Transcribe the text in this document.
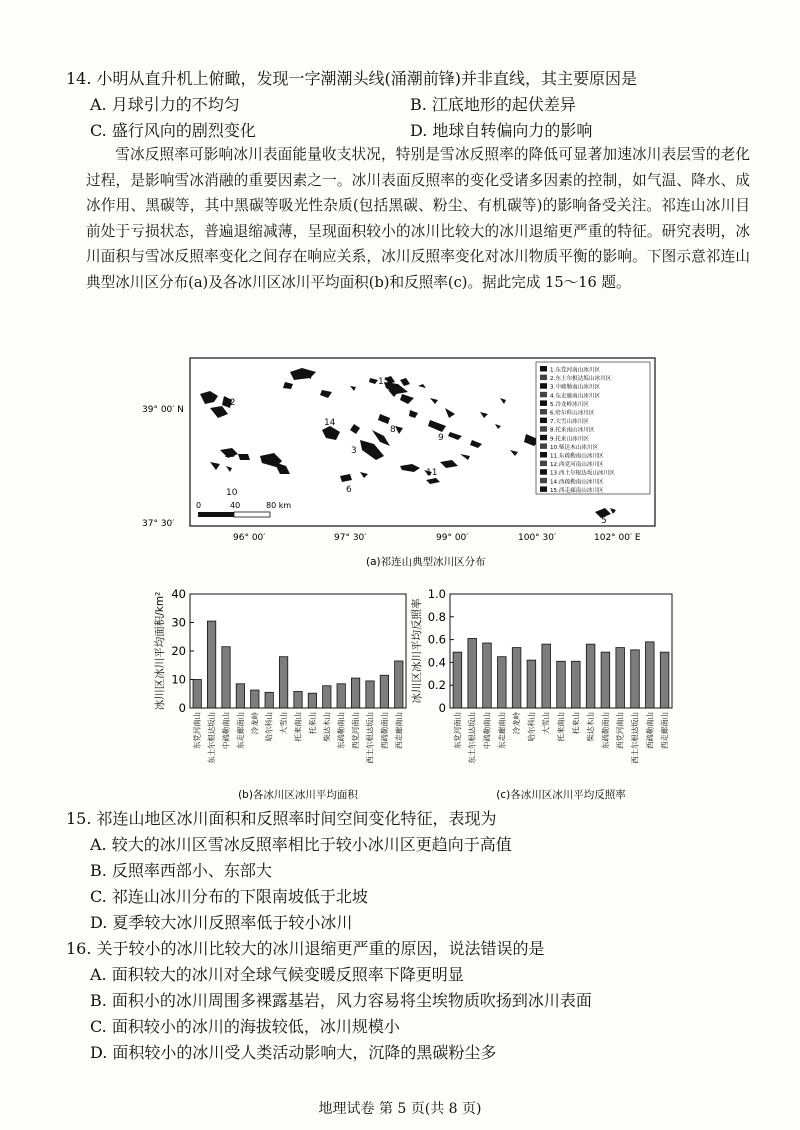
14. 小明从直升机上俯瞰，发现一字潮潮头线(涌潮前锋)并非直线，其主要原因是
A. 月球引力的不均匀	B. 江底地形的起伏差异
C. 盛行风向的剧烈变化	D. 地球自转偏向力的影响

雪冰反照率可影响冰川表面能量收支状况，特别是雪冰反照率的降低可显著加速冰川表层雪的老化过程，是影响雪冰消融的重要因素之一。冰川表面反照率的变化受诸多因素的控制，如气温、降水、成冰作用、黑碳等，其中黑碳等吸光性杂质(包括黑碳、粉尘、有机碳等)的影响备受关注。祁连山冰川目前处于亏损状态，普遍退缩减薄，呈现面积较小的冰川比较大的冰川退缩更严重的特征。研究表明，冰川面积与雪冰反照率变化之间存在响应关系，冰川反照率变化对冰川物质平衡的影响。下图示意祁连山典型冰川区分布(a)及各冰川区冰川平均面积(b)和反照率(c)。据此完成 15～16 题。

12
7	15
14
8
9
3
2
13
11
6
10
5
0	40	80 km
1.东党河南山冰川区
2.东土尔根达坂山冰川区
3.中疏勒南山冰川区
4.东走廊南山冰川区
5.冷龙岭冰川区
6.哈尔科山冰川区
7.大雪山冰川区
8.托来南山冰川区
9.托来山冰川区
10.柴达木山冰川区
11.东疏勒南山冰川区
12.西党河南山冰川区
13.西土尔根达坂山冰川区
14.西疏勒南山冰川区
15.西走廊南山冰川区
39° 00′ N
37° 30′
96° 00′	97° 30′	99° 00′	100° 30′	102° 00′ E
(a)祁连山典型冰川区分布
0
10
20
30
40
冰川区冰川平均面积/km²
东党河南山 东土尔根达坂山 中疏勒南山 东走廊南山 冷龙岭 哈尔科山 大雪山 托来南山 托来山 柴达木山 东疏勒南山 西党河南山 西土尔根达坂山 西疏勒南山 西走廊南山
(b)各冰川区冰川平均面积
0
0.2
0.4
0.6
0.8
1.0
冰川区冰川平均反照率
东党河南山 东土尔根达坂山 中疏勒南山 东走廊南山 冷龙岭 哈尔科山 大雪山 托来南山 托来山 柴达木山 东疏勒南山 西党河南山 西土尔根达坂山 西疏勒南山 西走廊南山
(c)各冰川区冰川平均反照率
15. 祁连山地区冰川面积和反照率时间空间变化特征，表现为
A. 较大的冰川区雪冰反照率相比于较小冰川区更趋向于高值
B. 反照率西部小、东部大
C. 祁连山冰川分布的下限南坡低于北坡
D. 夏季较大冰川反照率低于较小冰川
16. 关于较小的冰川比较大的冰川退缩更严重的原因，说法错误的是
A. 面积较大的冰川对全球气候变暖反照率下降更明显
B. 面积小的冰川周围多裸露基岩，风力容易将尘埃物质吹扬到冰川表面
C. 面积较小的冰川的海拔较低，冰川规模小
D. 面积较小的冰川受人类活动影响大，沉降的黑碳粉尘多
地理试卷 第 5 页(共 8 页)
